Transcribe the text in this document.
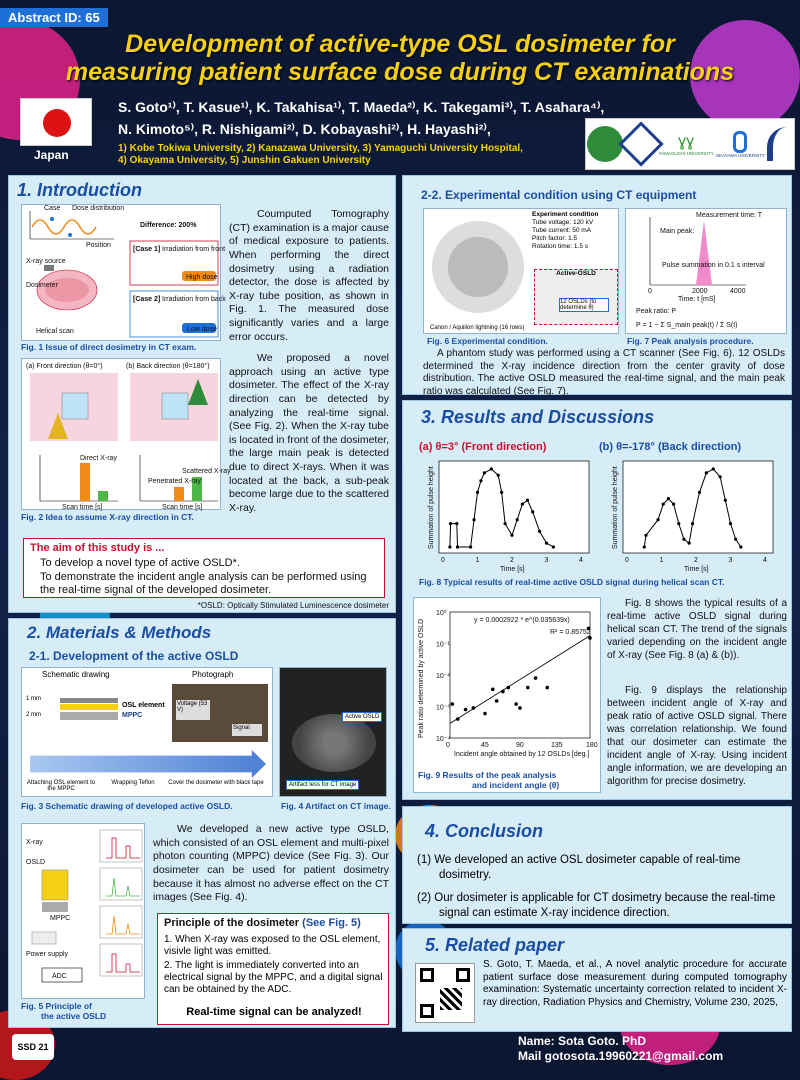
Abstract ID: 65
Development of active-type OSL dosimeter for
measuring patient surface dose during CT examinations
Japan
S. Goto¹⁾, T. Kasue¹⁾, K. Takahisa¹⁾, T. Maeda²⁾, K. Takegami³⁾, T. Asahara⁴⁾,
N. Kimoto⁵⁾, R. Nishigami²⁾, D. Kobayashi²⁾, H. Hayashi²⁾,
1) Kobe Tokiwa University, 2) Kanazawa University, 3) Yamaguchi University Hospital,
4) Okayama University, 5) Junshin Gakuen University
ɣɣ
YAMAGUCHI UNIVERSITY OKAYAMA UNIVERSITY
1. Introduction
Case Dose distribution
Difference: 200%
Position
X-ray source
Dosimeter
Helical scan
[Case 1] Irradiation from front
High dose
[Case 2] Irradiation from back
Low dose
Fig. 1 Issue of direct dosimetry in CT exam.
(a) Front direction (θ=0°)	(b) Back direction (θ=180°)
Direct X-ray
Penetrated X-ray
Scattered X-ray
Scan time [s]	Scan time [s]
Fig. 2 Idea to assume X-ray direction in CT.
Coumputed Tomography (CT) examination is a major cause of medical exposure to patients. When performing the direct dosimetry using a radiation detector, the dose is affected by X-ray tube position, as shown in Fig. 1. The measured dose significantly varies and a large error occurs.
We proposed a novel approach using an active type dosimeter. The effect of the X-ray direction can be detected by analyzing the real-time signal.(See Fig. 2). When the X-ray tube is located in front of the dosimeter, the large main peak is detected due to direct X-rays. When it was located at the back, a sub-peak become large due to the scattered X-ray.
The aim of this study is ...
To develop a novel type of active OSLD*.
To demonstrate the incident angle analysis can be performed using the real-time signal of the developed dosimeter.
*OSLD: Optically Stimulated Luminescence dosimeter
2. Materials & Methods
2-1. Development of the active OSLD
Schematic drawing	Photograph
OSL element
MPPC
1 mm
2 mm
Voltage (53 V)
Signal
Attaching OSL element to the MPPC
Wrapping Teflon	Cover the dosimeter with black tape
Fig. 3 Schematic drawing of developed active OSLD.
Active OSLD
Artifact less for CT image
Fig. 4 Artifact on CT image.
X-ray
OSLD
MPPC
Power supply
ADC
Fig. 5 Principle of
the active OSLD
We developed a new active type OSLD, which consisted of an OSL element and multi-pixel photon counting (MPPC) device (See Fig. 3). Our dosimeter can be used for patient dosimetry because it has almost no adverse effect on the CT images (See Fig. 4).
Principle of the dosimeter (See Fig. 5)
1. When X-ray was exposed to the OSL element, visivle light was emitted.
2. The light is immediately converted into an electrical signal by the MPPC, and a digital signal can be obtained by the ADC.
Real-time signal can be analyzed!
2-2. Experimental condition using CT equipment
Experiment condition
Tube voltage: 120 kV
Tube current: 50 mA
Pitch factor: 1.5
Rotation time: 1.5 s
Active-OSLD
12 OSLDs (to determine θ)
Canon / Aquilion lightning (16 rows)
Fig. 6 Experimental condition.
Measurement time: T
Main peak:
Pulse summation in 0.1 s interval
0	2000	4000
Time: t [mS]
Peak ratio: P
P = 1 − Σ S_main peak(t) / Σ S(t)
Fig. 7 Peak analysis procedure.
A phantom study was performed using a CT scanner (See Fig. 6). 12 OSLDs determined the X-ray incidence direction from the center gravity of dose distribution. The active OSLD measured the real-time signal, and the main peak ratio was calculated (See Fig. 7).
3. Results and Discussions
(a) θ=3° (Front direction)	(b) θ=-178° (Back direction)
0	1	2	3	4
Time [s]
Summation of pulse height
0	1	2	3	4
Time [s]
Summation of pulse height
Fig. 8 Typical results of real-time active OSLD signal during helical scan CT.
0	45	90	135	180
10⁰
10⁻¹
10⁻²
10⁻³
10⁻⁴
Incident angle obtained by 12 OSLDs [deg.]
Peak ratio determined by active OSLD	y = 0.0002922 * e^(0.035639x)
R² = 0.85752
Fig. 9 Results of the peak analysis
and incident angle (θ)
Fig. 8 shows the typical results of a real-time active OSLD signal during helical scan CT. The trend of the signals varied depending on the incident angle of X-ray (See Fig. 8 (a) & (b)).
Fig. 9 displays the relationship between incident angle of X-ray and peak ratio of active OSLD signal. There was correlation relationship. We found that our dosimeter can estimate the incident angle of X-ray. Using incident angle information, we are developing an algorithm for precise dosimetry.
4. Conclusion
(1) We developed an active OSL dosimeter capable of real-time dosimetry.
(2) Our dosimeter is applicable for CT dosimetry because the real-time signal can estimate X-ray incidence direction.
5. Related paper
S. Goto, T. Maeda, et al., A novel analytic procedure for accurate patient surface dose measurement during computed tomography examination: Systematic uncertainty correction related to incident X-ray direction, Radiation Physics and Chemistry, Volume 230, 2025,
SSD 21	Name: Sota Goto. PhD
Mail gotosota.19960221@gmail.com
